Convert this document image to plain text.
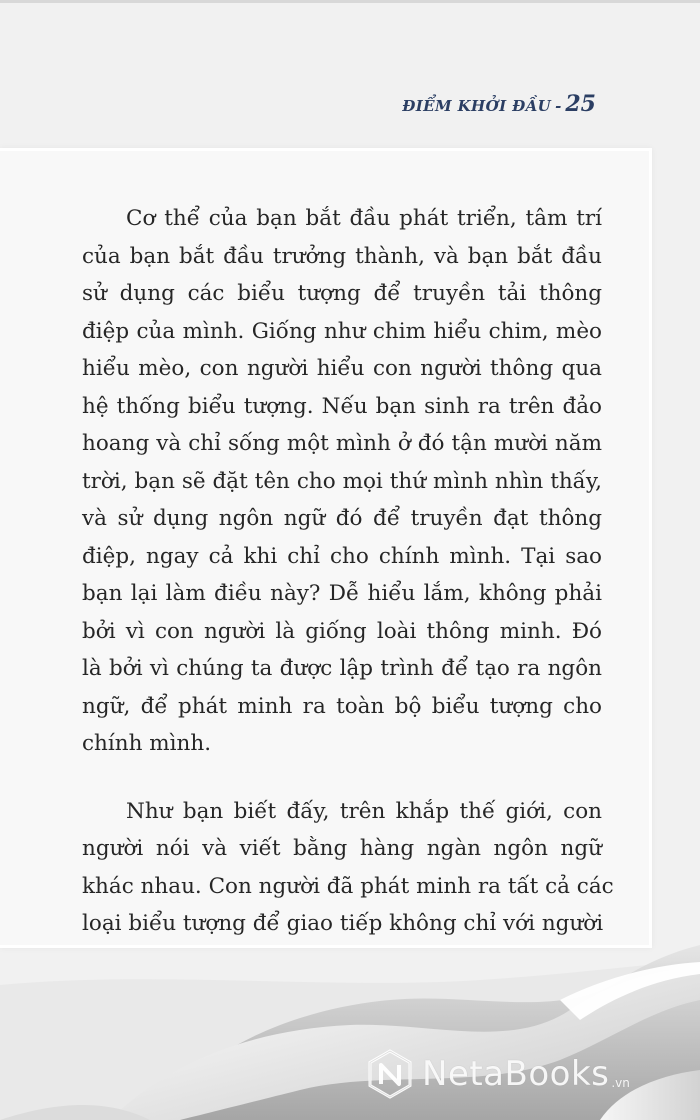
ĐIỂM KHỞI ĐẦU - 25

Cơ thể của bạn bắt đầu phát triển, tâm trí
của bạn bắt đầu trưởng thành, và bạn bắt đầu
sử dụng các biểu tượng để truyền tải thông
điệp của mình. Giống như chim hiểu chim, mèo
hiểu mèo, con người hiểu con người thông qua
hệ thống biểu tượng. Nếu bạn sinh ra trên đảo
hoang và chỉ sống một mình ở đó tận mười năm
trời, bạn sẽ đặt tên cho mọi thứ mình nhìn thấy,
và sử dụng ngôn ngữ đó để truyền đạt thông
điệp, ngay cả khi chỉ cho chính mình. Tại sao
bạn lại làm điều này? Dễ hiểu lắm, không phải
bởi vì con người là giống loài thông minh. Đó
là bởi vì chúng ta được lập trình để tạo ra ngôn
ngữ, để phát minh ra toàn bộ biểu tượng cho
chính mình.

Như bạn biết đấy, trên khắp thế giới, con
người nói và viết bằng hàng ngàn ngôn ngữ
khác nhau. Con người đã phát minh ra tất cả các
loại biểu tượng để giao tiếp không chỉ với người

NetaBooks .vn
